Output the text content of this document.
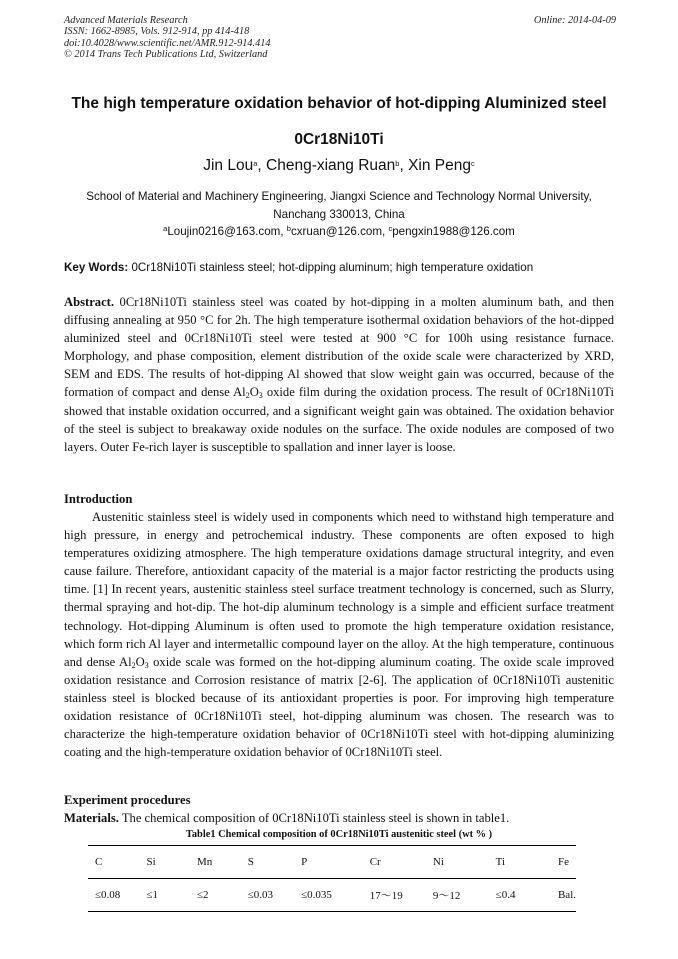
Advanced Materials Research
ISSN: 1662-8985, Vols. 912-914, pp 414-418
doi:10.4028/www.scientific.net/AMR.912-914.414
© 2014 Trans Tech Publications Ltd, Switzerland
Online: 2014-04-09
The high temperature oxidation behavior of hot-dipping Aluminized steel
0Cr18Ni10Ti
Jin Lou$^a$, Cheng-xiang Ruan$^b$, Xin Peng$^c$
School of Material and Machinery Engineering, Jiangxi Science and Technology Normal University,
Nanchang 330013, China
$^a$Loujin0216@163.com, $^b$cxruan@126.com, $^c$pengxin1988@126.com
Key Words: 0Cr18Ni10Ti stainless steel; hot-dipping aluminum; high temperature oxidation
Abstract. 0Cr18Ni10Ti stainless steel was coated by hot-dipping in a molten aluminum bath, and then diffusing annealing at 950 °C for 2h. The high temperature isothermal oxidation behaviors of the hot-dipped aluminized steel and 0Cr18Ni10Ti steel were tested at 900 °C for 100h using resistance furnace. Morphology, and phase composition, element distribution of the oxide scale were characterized by XRD, SEM and EDS. The results of hot-dipping Al showed that slow weight gain was occurred, because of the formation of compact and dense $Al_2O_3$ oxide film during the oxidation process. The result of 0Cr18Ni10Ti showed that instable oxidation occurred, and a significant weight gain was obtained. The oxidation behavior of the steel is subject to breakaway oxide nodules on the surface. The oxide nodules are composed of two layers. Outer Fe-rich layer is susceptible to spallation and inner layer is loose.
Introduction
Austenitic stainless steel is widely used in components which need to withstand high temperature and high pressure, in energy and petrochemical industry. These components are often exposed to high temperatures oxidizing atmosphere. The high temperature oxidations damage structural integrity, and even cause failure. Therefore, antioxidant capacity of the material is a major factor restricting the products using time. [1] In recent years, austenitic stainless steel surface treatment technology is concerned, such as Slurry, thermal spraying and hot-dip. The hot-dip aluminum technology is a simple and efficient surface treatment technology. Hot-dipping Aluminum is often used to promote the high temperature oxidation resistance, which form rich Al layer and intermetallic compound layer on the alloy. At the high temperature, continuous and dense $Al_2O_3$ oxide scale was formed on the hot-dipping aluminum coating. The oxide scale improved oxidation resistance and Corrosion resistance of matrix [2-6]. The application of 0Cr18Ni10Ti austenitic stainless steel is blocked because of its antioxidant properties is poor. For improving high temperature oxidation resistance of 0Cr18Ni10Ti steel, hot-dipping aluminum was chosen. The research was to characterize the high-temperature oxidation behavior of 0Cr18Ni10Ti steel with hot-dipping aluminizing coating and the high-temperature oxidation behavior of 0Cr18Ni10Ti steel.
Experiment procedures
Materials. The chemical composition of 0Cr18Ni10Ti stainless steel is shown in table1.
Table1 Chemical composition of 0Cr18Ni10Ti austenitic steel (wt % )
C	Si	Mn	S	P	Cr	Ni	Ti	Fe
≤0.08	≤1	≤2	≤0.03	≤0.035	17～19	9～12	≤0.4	Bal.
